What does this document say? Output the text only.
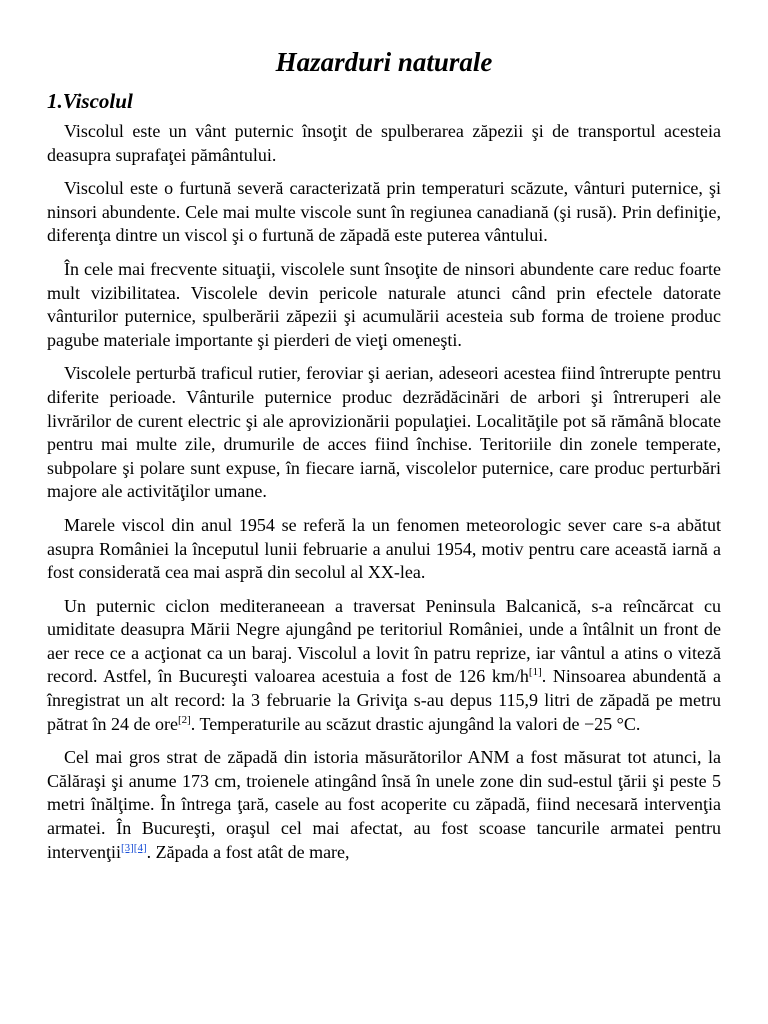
Hazarduri naturale
1.Viscolul

Viscolul este un vânt puternic însoţit de spulberarea zăpezii şi de transportul acesteia deasupra suprafaţei pământului.

Viscolul este o furtună severă caracterizată prin temperaturi scăzute, vânturi puternice, şi ninsori abundente. Cele mai multe viscole sunt în regiunea canadiană (şi rusă). Prin definiţie, diferenţa dintre un viscol şi o furtună de zăpadă este puterea vântului.

În cele mai frecvente situaţii, viscolele sunt însoţite de ninsori abundente care reduc foarte mult vizibilitatea. Viscolele devin pericole naturale atunci când prin efectele datorate vânturilor puternice, spulberării zăpezii şi acumulării acesteia sub forma de troiene produc pagube materiale importante şi pierderi de vieţi omeneşti.

Viscolele perturbă traficul rutier, feroviar şi aerian, adeseori acestea fiind întrerupte pentru diferite perioade. Vânturile puternice produc dezrădăcinări de arbori şi întreruperi ale livrărilor de curent electric şi ale aprovizionării populaţiei. Localităţile pot să rămână blocate pentru mai multe zile, drumurile de acces fiind închise. Teritoriile din zonele temperate, subpolare şi polare sunt expuse, în fiecare iarnă, viscolelor puternice, care produc perturbări majore ale activităţilor umane.

Marele viscol din anul 1954 se referă la un fenomen meteorologic sever care s-a abătut asupra României la începutul lunii februarie a anului 1954, motiv pentru care această iarnă a fost considerată cea mai aspră din secolul al XX-lea.

Un puternic ciclon mediteraneean a traversat Peninsula Balcanică, s-a reîncărcat cu umiditate deasupra Mării Negre ajungând pe teritoriul României, unde a întâlnit un front de aer rece ce a acţionat ca un baraj. Viscolul a lovit în patru reprize, iar vântul a atins o viteză record. Astfel, în Bucureşti valoarea acestuia a fost de 126 km/h[1]. Ninsoarea abundentă a înregistrat un alt record: la 3 februarie la Griviţa s-au depus 115,9 litri de zăpadă pe metru pătrat în 24 de ore[2]. Temperaturile au scăzut drastic ajungând la valori de −25 °C.

Cel mai gros strat de zăpadă din istoria măsurătorilor ANM a fost măsurat tot atunci, la Călăraşi şi anume 173 cm, troienele atingând însă în unele zone din sud-estul ţării şi peste 5 metri înălţime. În întrega ţară, casele au fost acoperite cu zăpadă, fiind necesară intervenţia armatei. În Bucureşti, oraşul cel mai afectat, au fost scoase tancurile armatei pentru intervenţii[3][4]. Zăpada a fost atât de mare,
